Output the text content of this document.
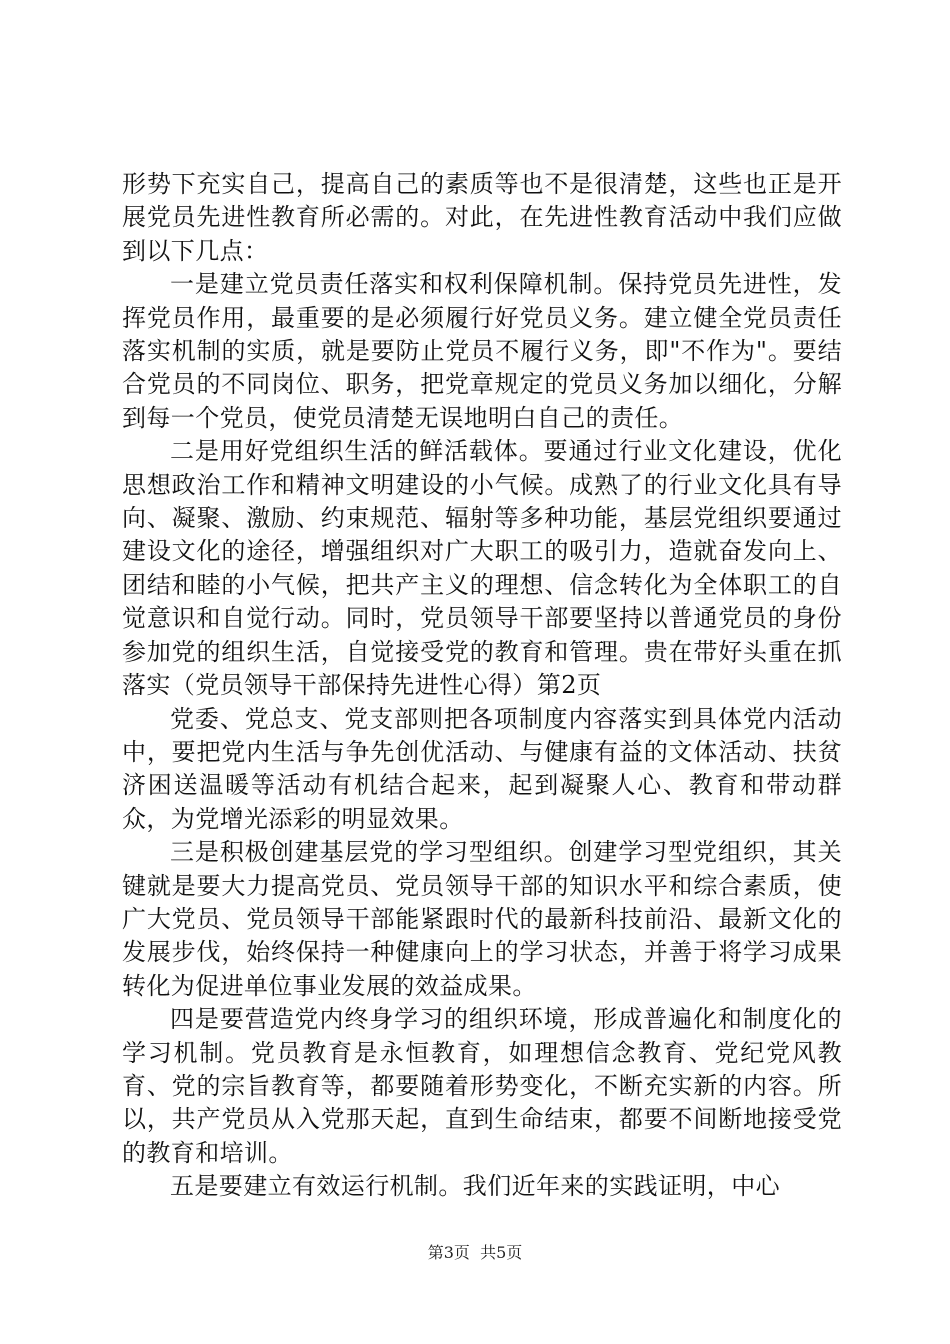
形势下充实自己，提高自己的素质等也不是很清楚，这些也正是开展党员先进性教育所必需的。对此，在先进性教育活动中我们应做到以下几点：

一是建立党员责任落实和权利保障机制。保持党员先进性，发挥党员作用，最重要的是必须履行好党员义务。建立健全党员责任落实机制的实质，就是要防止党员不履行义务，即"不作为"。要结合党员的不同岗位、职务，把党章规定的党员义务加以细化，分解到每一个党员，使党员清楚无误地明白自己的责任。

二是用好党组织生活的鲜活载体。要通过行业文化建设，优化思想政治工作和精神文明建设的小气候。成熟了的行业文化具有导向、凝聚、激励、约束规范、辐射等多种功能，基层党组织要通过建设文化的途径，增强组织对广大职工的吸引力，造就奋发向上、团结和睦的小气候，把共产主义的理想、信念转化为全体职工的自觉意识和自觉行动。同时，党员领导干部要坚持以普通党员的身份参加党的组织生活，自觉接受党的教育和管理。贵在带好头重在抓落实（党员领导干部保持先进性心得）第2页

党委、党总支、党支部则把各项制度内容落实到具体党内活动中，要把党内生活与争先创优活动、与健康有益的文体活动、扶贫济困送温暖等活动有机结合起来，起到凝聚人心、教育和带动群众，为党增光添彩的明显效果。

三是积极创建基层党的学习型组织。创建学习型党组织，其关键就是要大力提高党员、党员领导干部的知识水平和综合素质，使广大党员、党员领导干部能紧跟时代的最新科技前沿、最新文化的发展步伐，始终保持一种健康向上的学习状态，并善于将学习成果转化为促进单位事业发展的效益成果。

四是要营造党内终身学习的组织环境，形成普遍化和制度化的学习机制。党员教育是永恒教育，如理想信念教育、党纪党风教育、党的宗旨教育等，都要随着形势变化，不断充实新的内容。所以，共产党员从入党那天起，直到生命结束，都要不间断地接受党的教育和培训。

五是要建立有效运行机制。我们近年来的实践证明，中心

第3页 共5页
